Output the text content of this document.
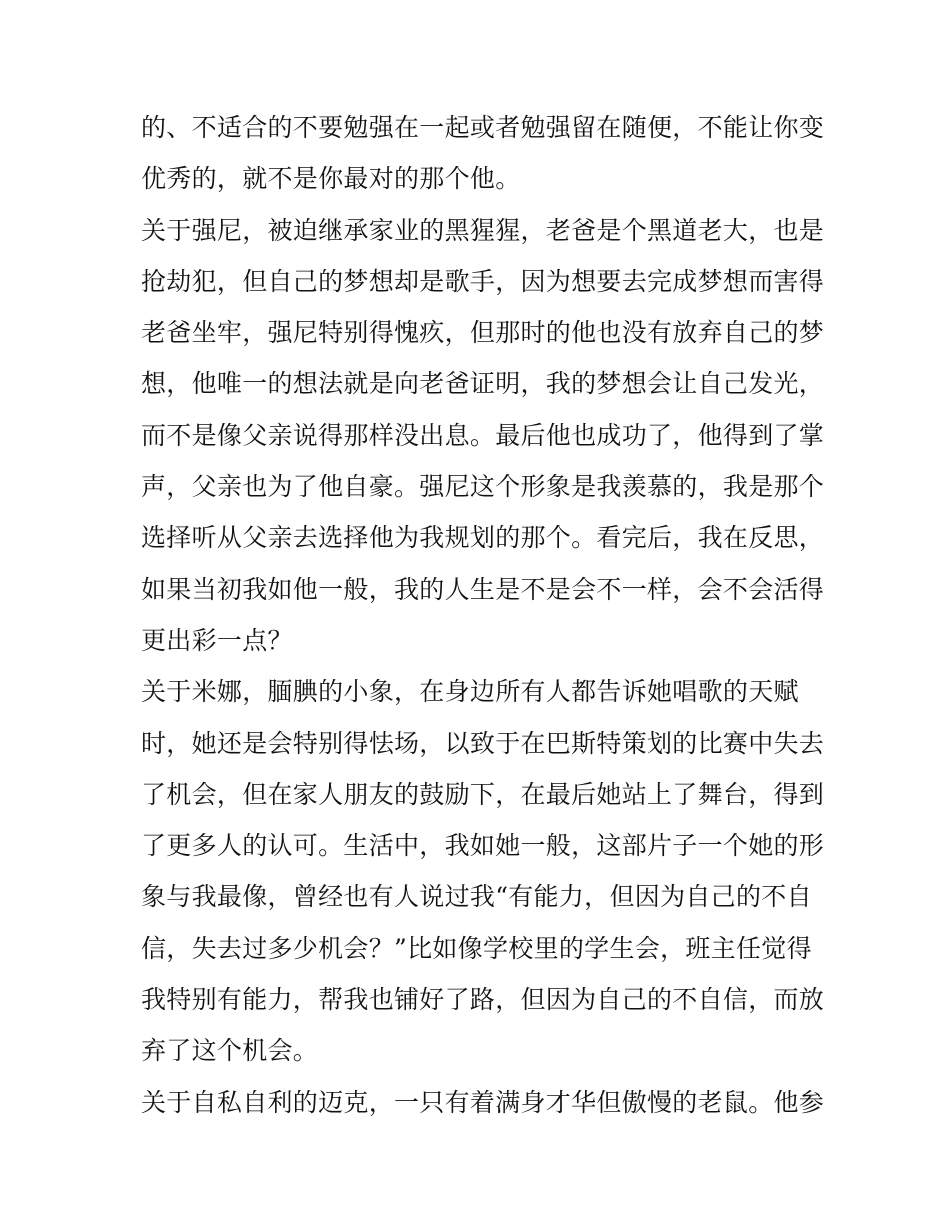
的、不适合的不要勉强在一起或者勉强留在随便，不能让你变
优秀的，就不是你最对的那个他。
关于强尼，被迫继承家业的黑猩猩，老爸是个黑道老大，也是
抢劫犯，但自己的梦想却是歌手，因为想要去完成梦想而害得
老爸坐牢，强尼特别得愧疚，但那时的他也没有放弃自己的梦
想，他唯一的想法就是向老爸证明，我的梦想会让自己发光，
而不是像父亲说得那样没出息。最后他也成功了，他得到了掌
声，父亲也为了他自豪。强尼这个形象是我羡慕的，我是那个
选择听从父亲去选择他为我规划的那个。看完后，我在反思，
如果当初我如他一般，我的人生是不是会不一样，会不会活得
更出彩一点？
关于米娜，腼腆的小象，在身边所有人都告诉她唱歌的天赋
时，她还是会特别得怯场，以致于在巴斯特策划的比赛中失去
了机会，但在家人朋友的鼓励下，在最后她站上了舞台，得到
了更多人的认可。生活中，我如她一般，这部片子一个她的形
象与我最像，曾经也有人说过我“有能力，但因为自己的不自
信，失去过多少机会？”比如像学校里的学生会，班主任觉得
我特别有能力，帮我也铺好了路，但因为自己的不自信，而放
弃了这个机会。
关于自私自利的迈克，一只有着满身才华但傲慢的老鼠。他参
